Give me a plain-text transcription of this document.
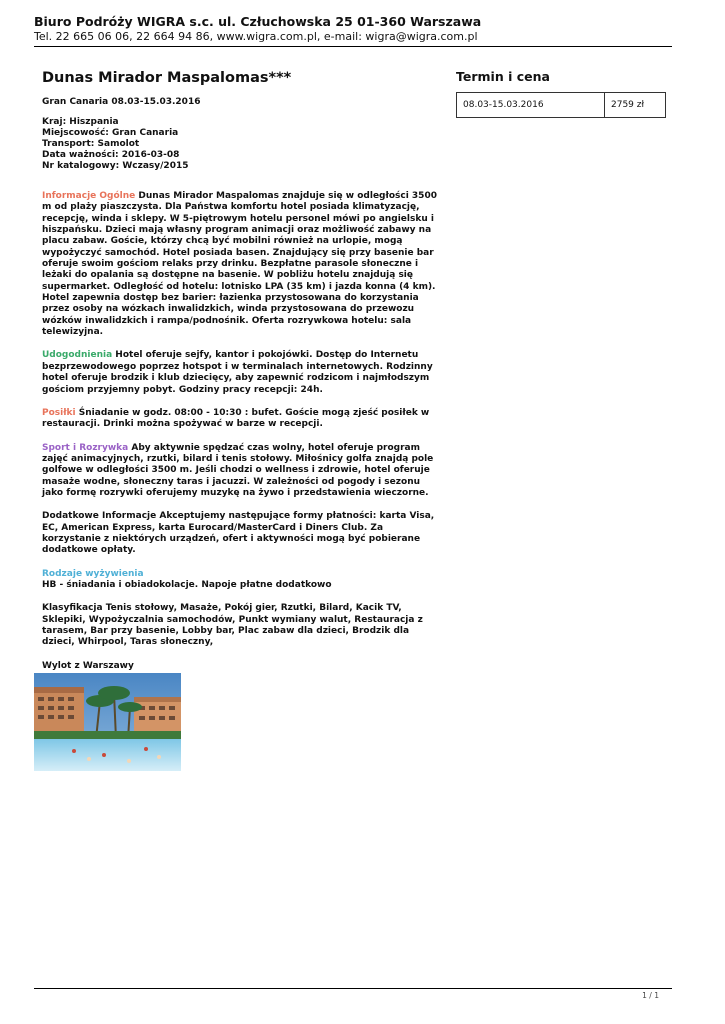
Biuro Podróży WIGRA s.c. ul. Człuchowska 25 01-360 Warszawa
Tel. 22 665 06 06, 22 664 94 86, www.wigra.com.pl, e-mail: wigra@wigra.com.pl
Dunas Mirador Maspalomas***
Gran Canaria 08.03-15.03.2016
Kraj: Hiszpania
Miejscowość: Gran Canaria
Transport: Samolot
Data ważności: 2016-03-08
Nr katalogowy: Wczasy/2015

Informacje Ogólne Dunas Mirador Maspalomas znajduje się w odległości 3500 m od plaży piaszczysta. Dla Państwa komfortu hotel posiada klimatyzację, recepcję, winda i sklepy. W 5-piętrowym hotelu personel mówi po angielsku i hiszpańsku. Dzieci mają własny program animacji oraz możliwość zabawy na placu zabaw. Goście, którzy chcą być mobilni również na urlopie, mogą wypożyczyć samochód. Hotel posiada basen. Znajdujący się przy basenie bar oferuje swoim gościom relaks przy drinku. Bezpłatne parasole słoneczne i leżaki do opalania są dostępne na basenie. W pobliżu hotelu znajdują się supermarket. Odległość od hotelu: lotnisko LPA (35 km) i jazda konna (4 km). Hotel zapewnia dostęp bez barier: łazienka przystosowana do korzystania przez osoby na wózkach inwalidzkich, winda przystosowana do przewozu wózków inwalidzkich i rampa/podnośnik. Oferta rozrywkowa hotelu: sala telewizyjna.

Udogodnienia Hotel oferuje sejfy, kantor i pokojówki. Dostęp do Internetu bezprzewodowego poprzez hotspot i w terminalach internetowych. Rodzinny hotel oferuje brodzik i klub dziecięcy, aby zapewnić rodzicom i najmłodszym gościom przyjemny pobyt. Godziny pracy recepcji: 24h.

Posiłki Śniadanie w godz. 08:00 - 10:30 : bufet. Goście mogą zjeść posiłek w restauracji. Drinki można spożywać w barze w recepcji.

Sport i Rozrywka Aby aktywnie spędzać czas wolny, hotel oferuje program zajęć animacyjnych, rzutki, bilard i tenis stołowy. Miłośnicy golfa znajdą pole golfowe w odległości 3500 m. Jeśli chodzi o wellness i zdrowie, hotel oferuje masaże wodne, słoneczny taras i jacuzzi. W zależności od pogody i sezonu jako formę rozrywki oferujemy muzykę na żywo i przedstawienia wieczorne.

Dodatkowe Informacje Akceptujemy następujące formy płatności: karta Visa, EC, American Express, karta Eurocard/MasterCard i Diners Club. Za korzystanie z niektórych urządzeń, ofert i aktywności mogą być pobierane dodatkowe opłaty.

Rodzaje wyżywienia
HB - śniadania i obiadokolacje. Napoje płatne dodatkowo

Klasyfikacja Tenis stołowy, Masaże, Pokój gier, Rzutki, Bilard, Kacik TV, Sklepiki, Wypożyczalnia samochodów, Punkt wymiany walut, Restauracja z tarasem, Bar przy basenie, Lobby bar, Plac zabaw dla dzieci, Brodzik dla dzieci, Whirpool, Taras słoneczny,

Wylot z Warszawy

Termin i cena
08.03-15.03.2016	2759 zł
1 / 1
